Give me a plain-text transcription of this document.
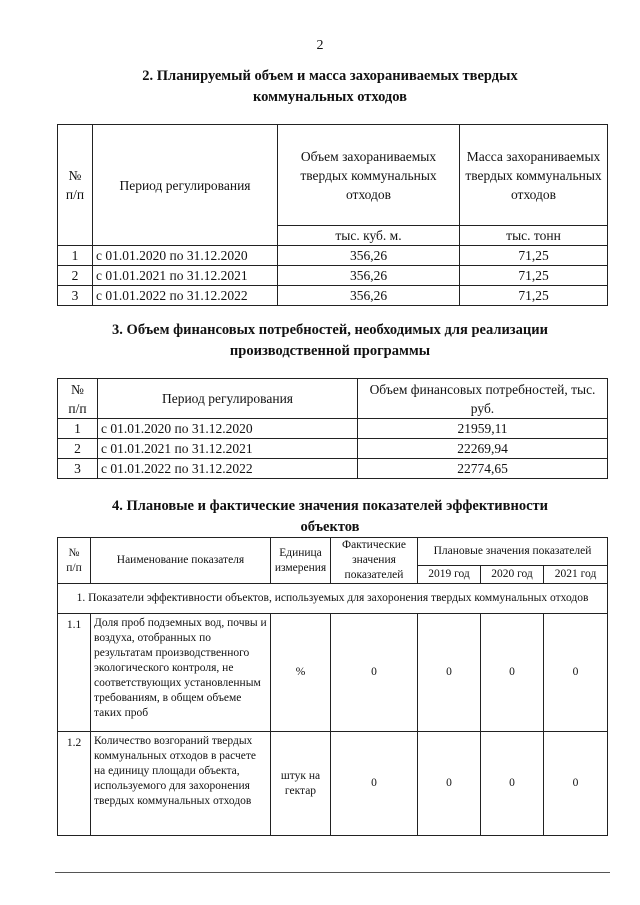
2
2. Планируемый объем и масса захораниваемых твердых
коммунальных отходов
№
п/п	Период регулирования	Объем захораниваемых твердых коммунальных отходов	Масса захораниваемых твердых коммунальных отходов
		тыс. куб. м.	тыс. тонн
1	с 01.01.2020 по 31.12.2020	356,26	71,25
2	с 01.01.2021 по 31.12.2021	356,26	71,25
3	с 01.01.2022 по 31.12.2022	356,26	71,25
3. Объем финансовых потребностей, необходимых для реализации
производственной программы
№
п/п	Период регулирования	Объем финансовых потребностей, тыс. руб.
1	с 01.01.2020 по 31.12.2020	21959,11
2	с 01.01.2021 по 31.12.2021	22269,94
3	с 01.01.2022 по 31.12.2022	22774,65
4. Плановые и фактические значения показателей эффективности
объектов
№
п/п	Наименование показателя	Единица измерения	Фактические значения показателей	Плановые значения показателей		
				2019 год	2020 год	2021 год
1. Показатели эффективности объектов, используемых для захоронения твердых коммунальных отходов						
1.1	Доля проб подземных вод, почвы и воздуха, отобранных по результатам производственного экологического контроля, не соответствующих установленным требованиям, в общем объеме таких проб	%	0	0	0	0
1.2	Количество возгораний твердых коммунальных отходов в расчете на единицу площади объекта, используемого для захоронения твердых коммунальных отходов	штук на гектар	0	0	0	0
